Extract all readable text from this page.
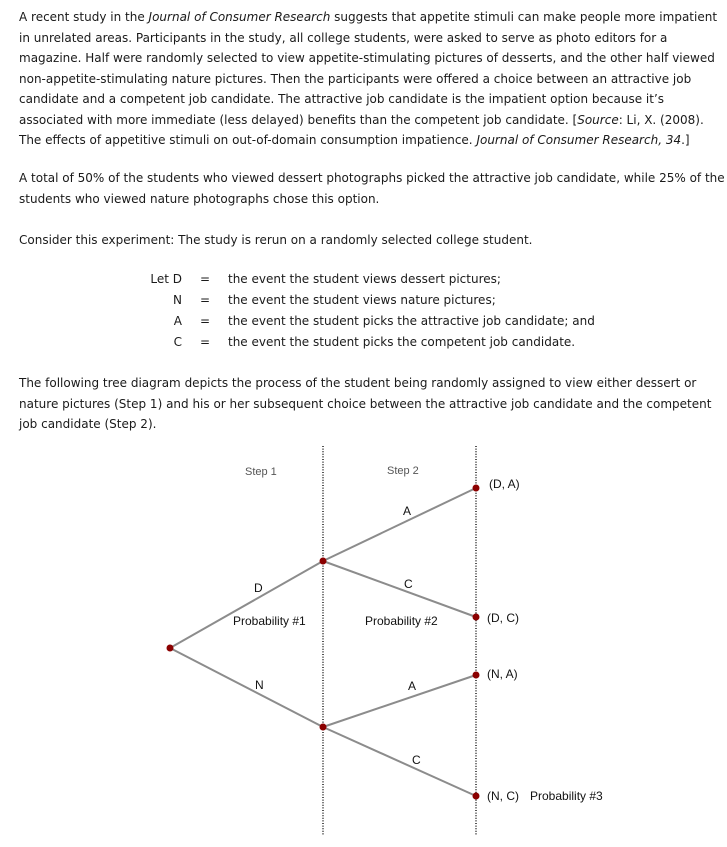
A recent study in the Journal of Consumer Research suggests that appetite stimuli can make people more impatient in unrelated areas. Participants in the study, all college students, were asked to serve as photo editors for a magazine. Half were randomly selected to view appetite-stimulating pictures of desserts, and the other half viewed non-appetite-stimulating nature pictures. Then the participants were offered a choice between an attractive job candidate and a competent job candidate. The attractive job candidate is the impatient option because it’s associated with more immediate (less delayed) benefits than the competent job candidate. [Source: Li, X. (2008). The effects of appetitive stimuli on out-of-domain consumption impatience. Journal of Consumer Research, 34.]

A total of 50% of the students who viewed dessert photographs picked the attractive job candidate, while 25% of the students who viewed nature photographs chose this option.

Consider this experiment: The study is rerun on a randomly selected college student.

Let D	=	the event the student views dessert pictures;
N	=	the event the student views nature pictures;
A	=	the event the student picks the attractive job candidate; and
C	=	the event the student picks the competent job candidate.

The following tree diagram depicts the process of the student being randomly assigned to view either dessert or nature pictures (Step 1) and his or her subsequent choice between the attractive job candidate and the competent job candidate (Step 2).

Step 1	Step 2
D
N
A
C
A
C
Probability #1	Probability #2
Probability #3
(D, A)
(D, C)
(N, A)
(N, C)
